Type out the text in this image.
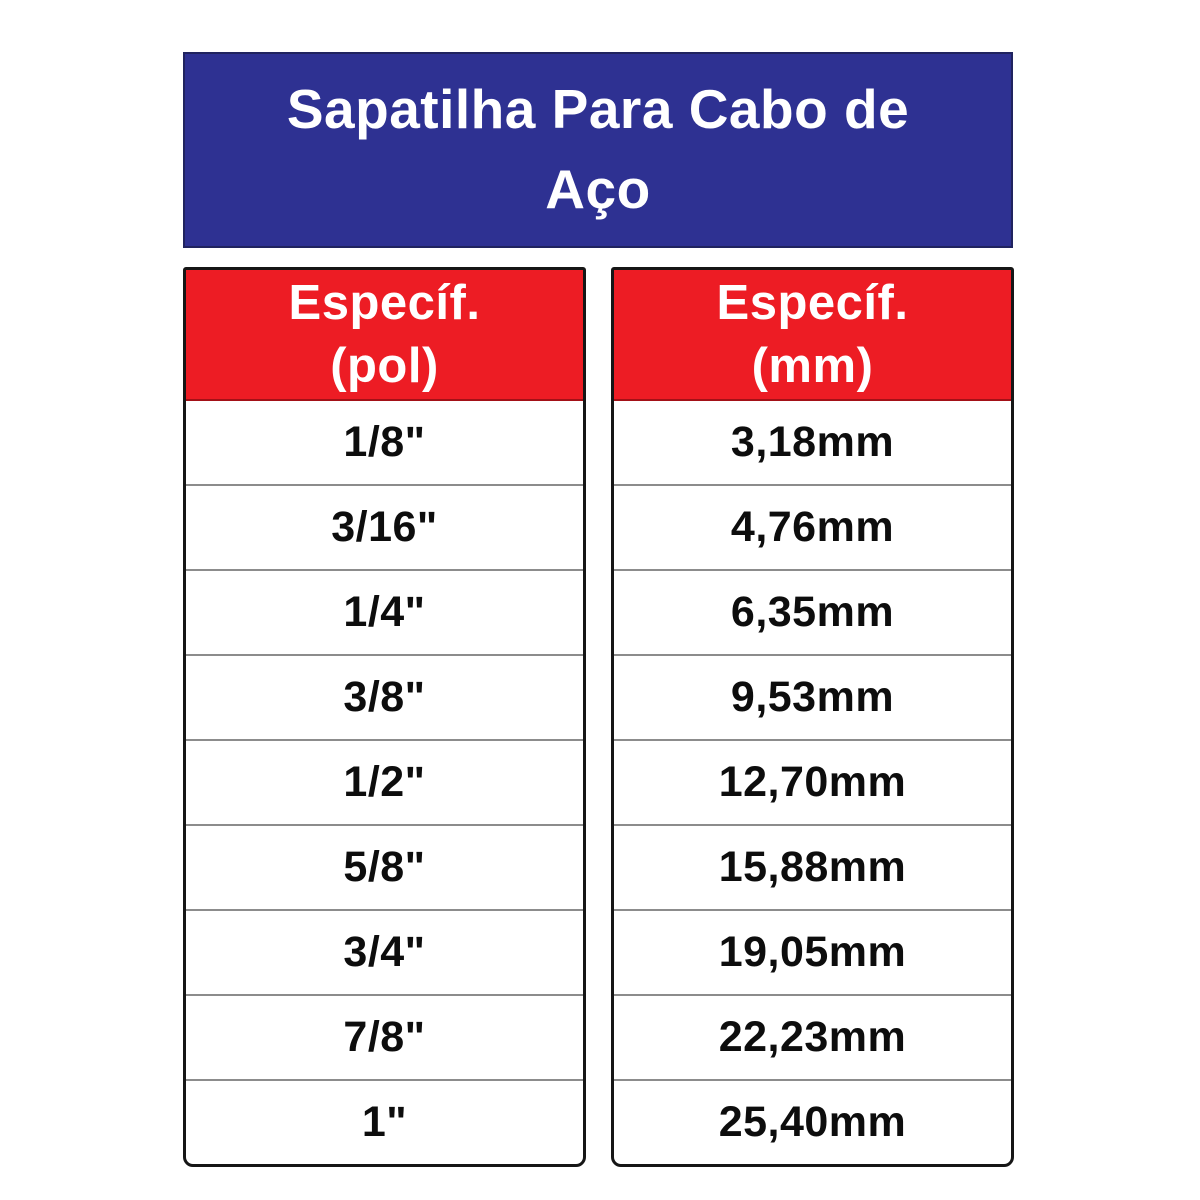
Sapatilha Para Cabo de Aço
Específ.
(pol)
1/8"
3/16"
1/4"
3/8"
1/2"
5/8"
3/4"
7/8"
1"
Específ.
(mm)
3,18mm
4,76mm
6,35mm
9,53mm
12,70mm
15,88mm
19,05mm
22,23mm
25,40mm
